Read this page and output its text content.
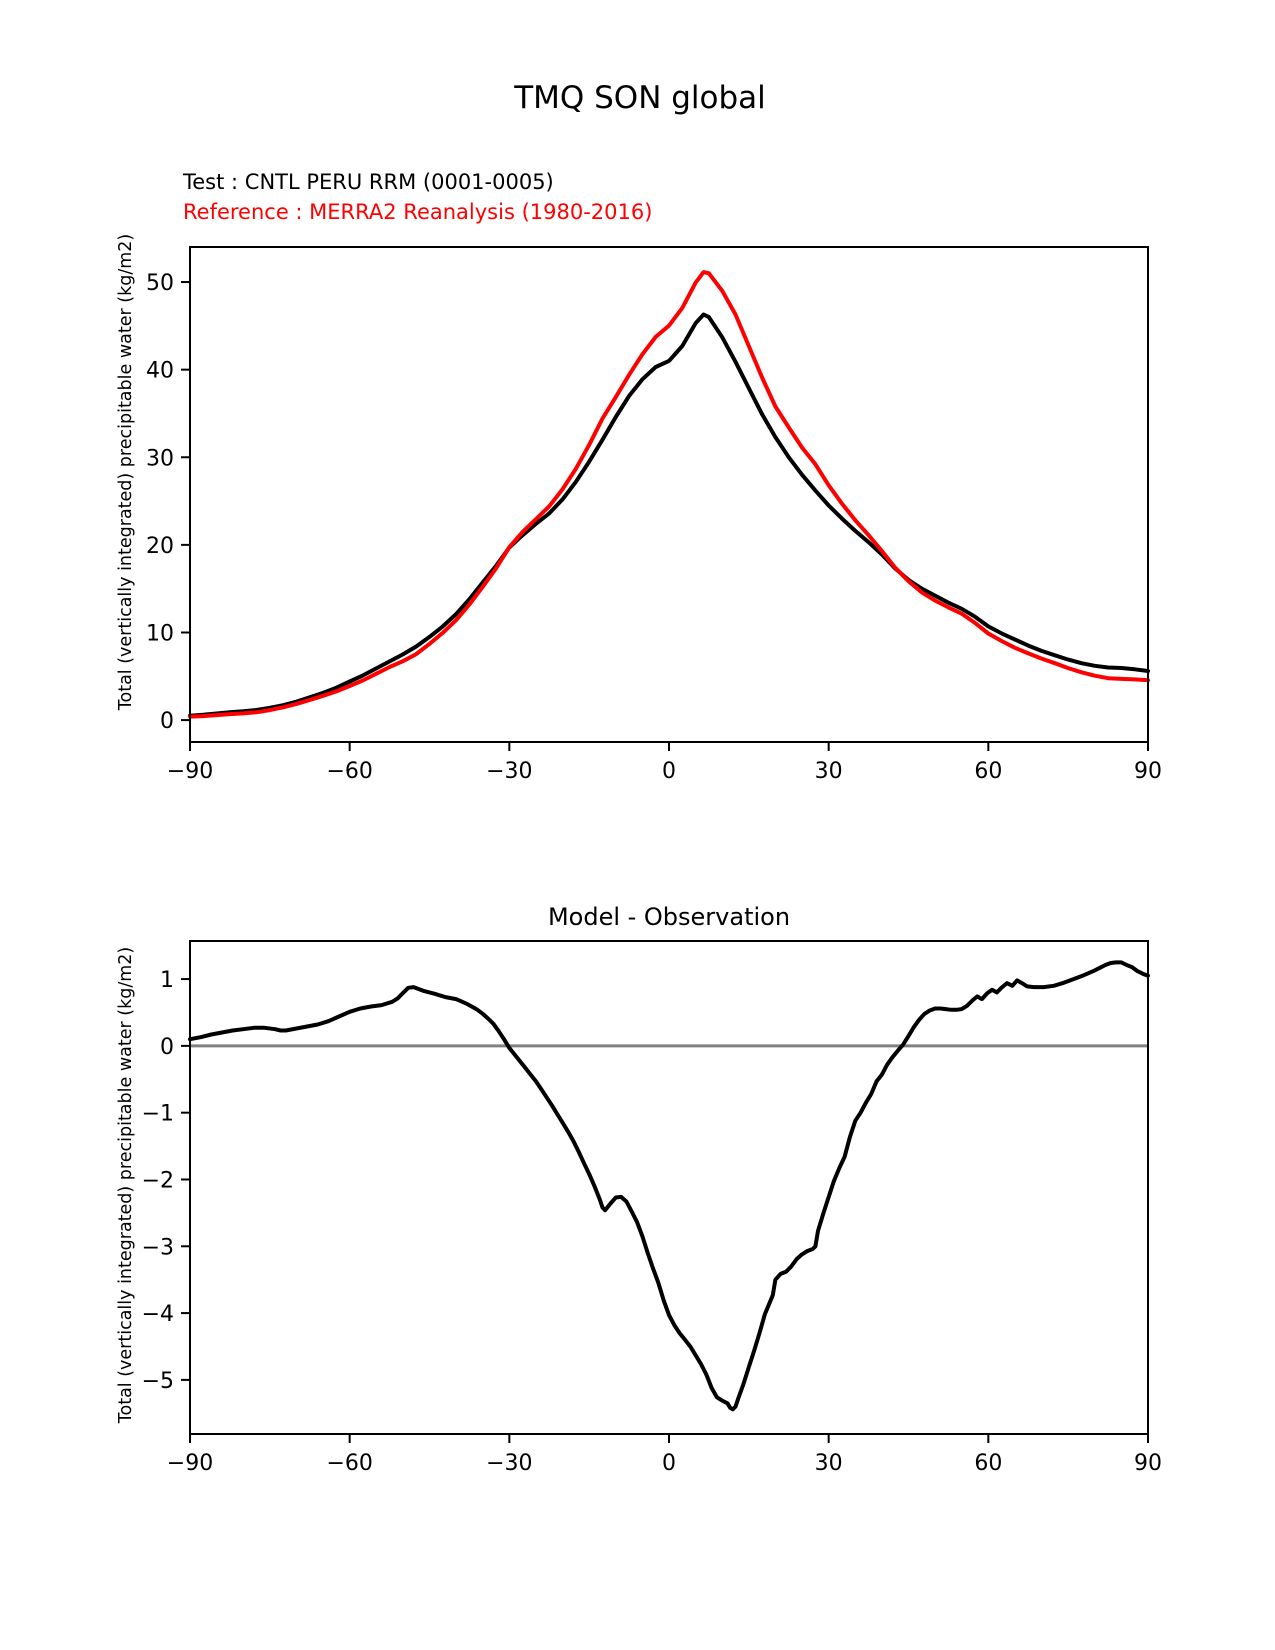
TMQ SON global
Test : CNTL PERU RRM (0001-0005)
Reference : MERRA2 Reanalysis (1980-2016)
Total (vertically integrated) precipitable water (kg/m2)
Model - Observation
Total (vertically integrated) precipitable water (kg/m2)
−90	−60	−30	0	30	60	90
0
10
20
30
40
50
−90	−60	−30	0	30	60	90
1
0
−1
−2
−3
−4
−5
